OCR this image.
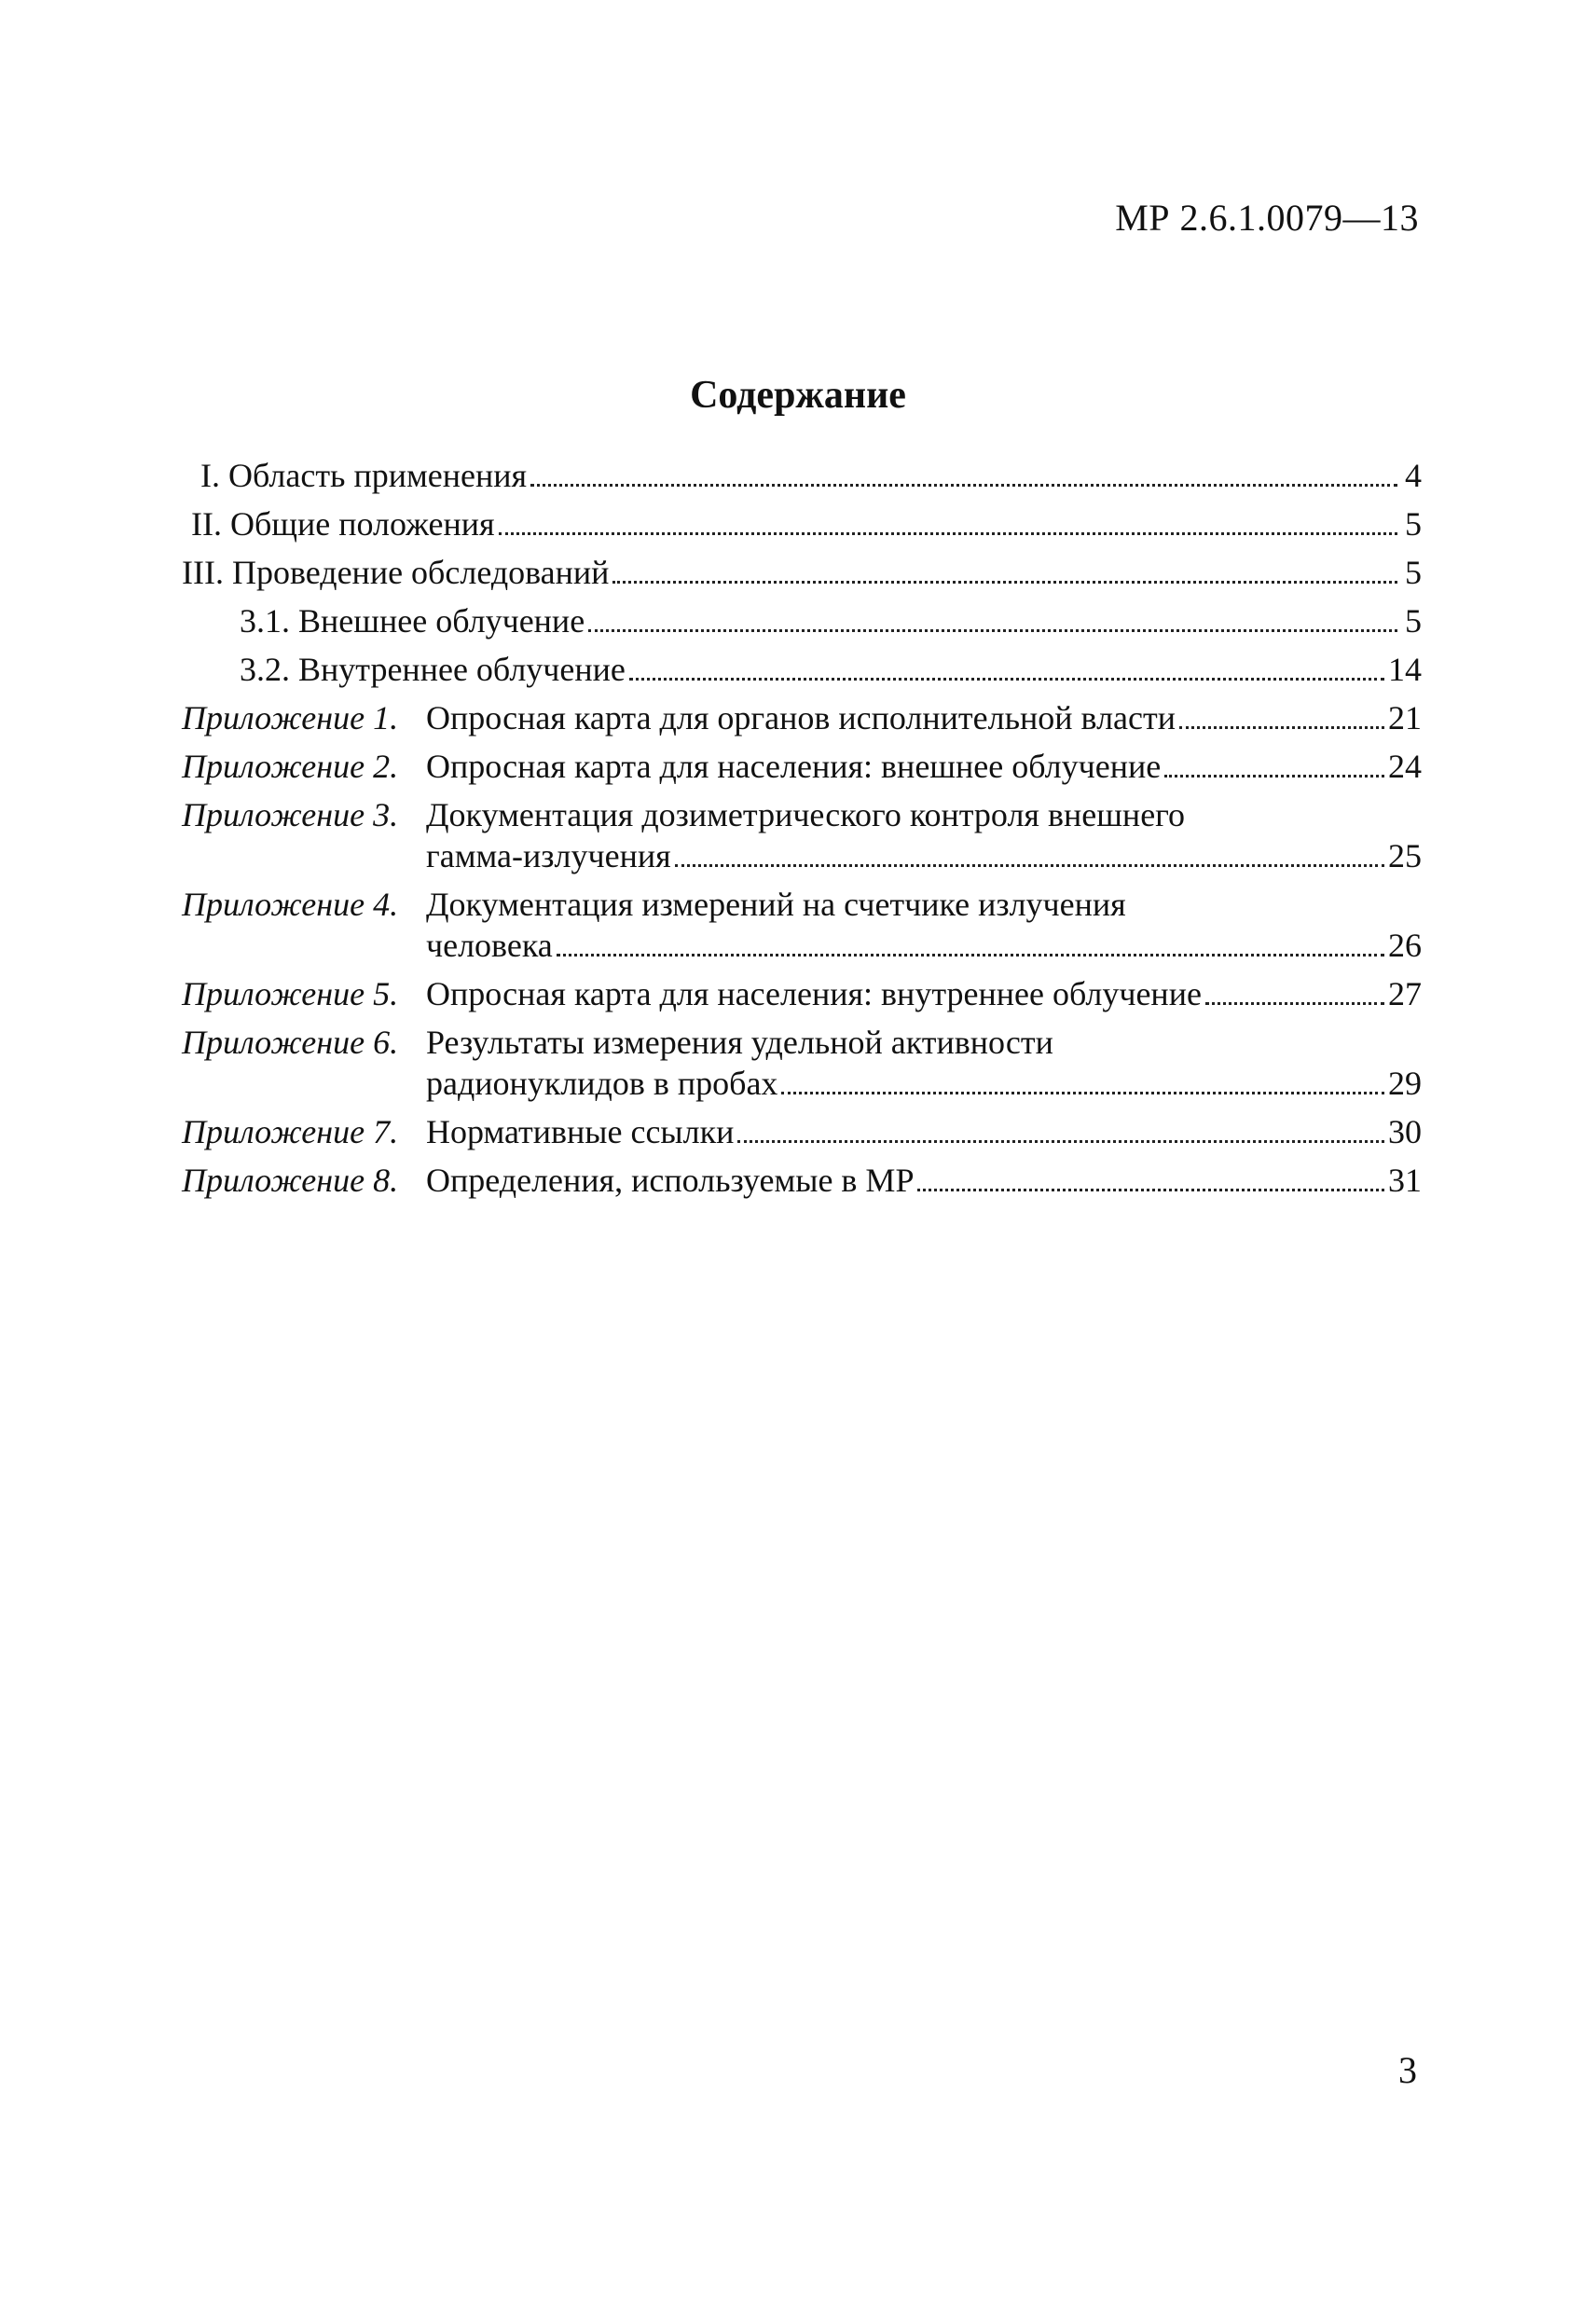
МР 2.6.1.0079—13
Содержание
I. Область применения	4
II. Общие положения	5
III. Проведение обследований	5
3.1. Внешнее облучение	5
3.2. Внутреннее облучение	14
Приложение 1. Опросная карта для органов исполнительной власти	21
Приложение 2. Опросная карта для населения: внешнее облучение	24
Приложение 3. Документация дозиметрического контроля внешнего
гамма-излучения	25
Приложение 4. Документация измерений на счетчике излучения
человека	26
Приложение 5. Опросная карта для населения: внутреннее облучение	27
Приложение 6. Результаты измерения удельной активности
радионуклидов в пробах	29
Приложение 7. Нормативные ссылки	30
Приложение 8. Определения, используемые в МР	31
3
